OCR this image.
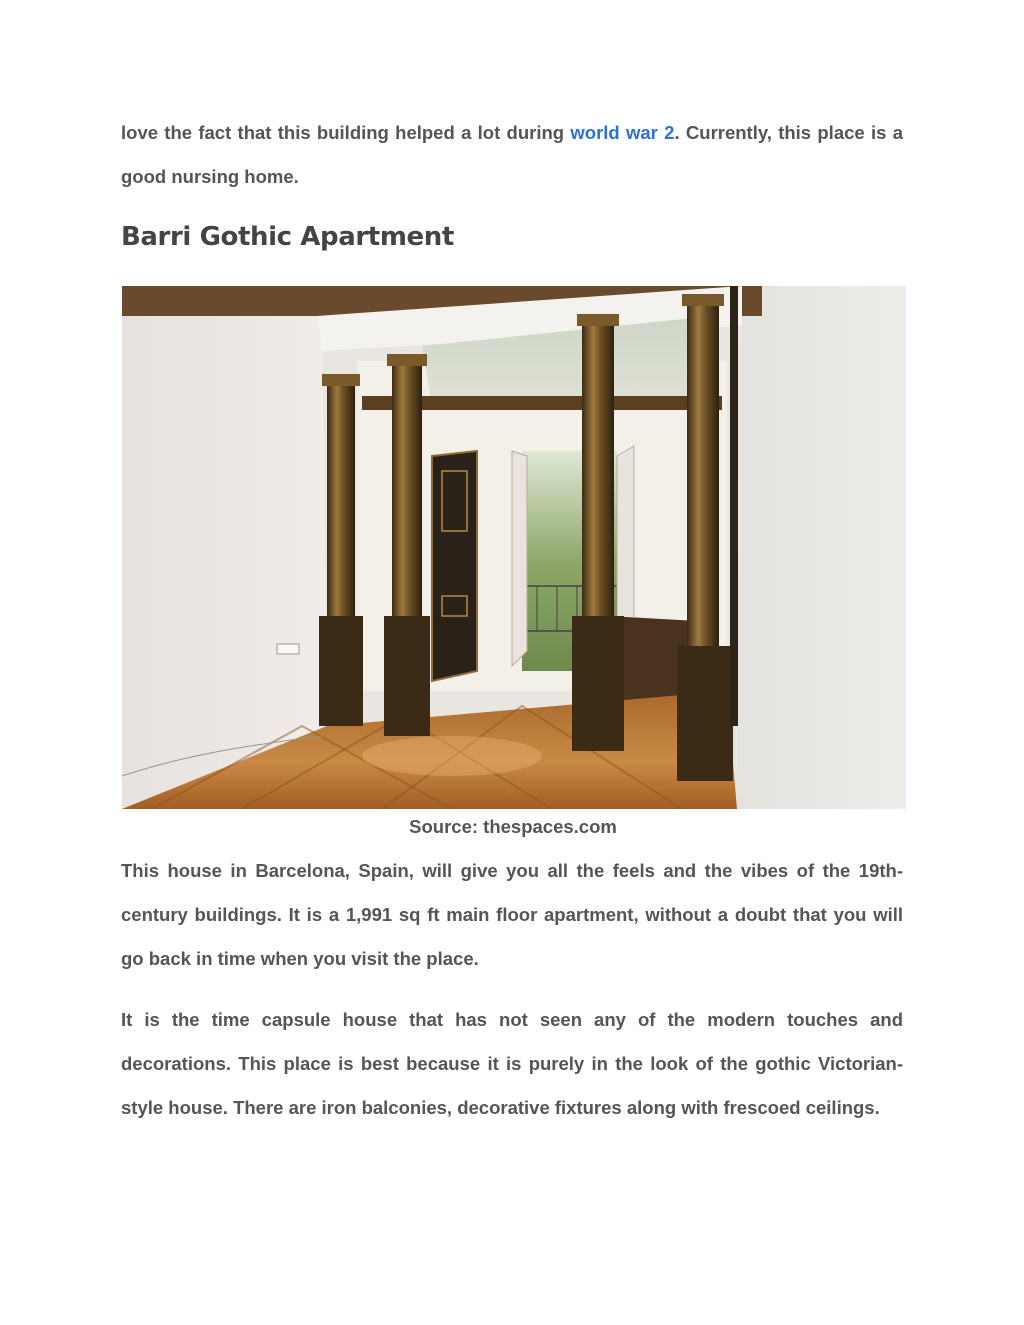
love the fact that this building helped a lot during world war 2. Currently, this place is a good nursing home.

Barri Gothic Apartment
Source: thespaces.com

This house in Barcelona, Spain, will give you all the feels and the vibes of the 19th-century buildings. It is a 1,991 sq ft main floor apartment, without a doubt that you will go back in time when you visit the place.

It is the time capsule house that has not seen any of the modern touches and decorations. This place is best because it is purely in the look of the gothic Victorian-style house. There are iron balconies, decorative fixtures along with frescoed ceilings.
